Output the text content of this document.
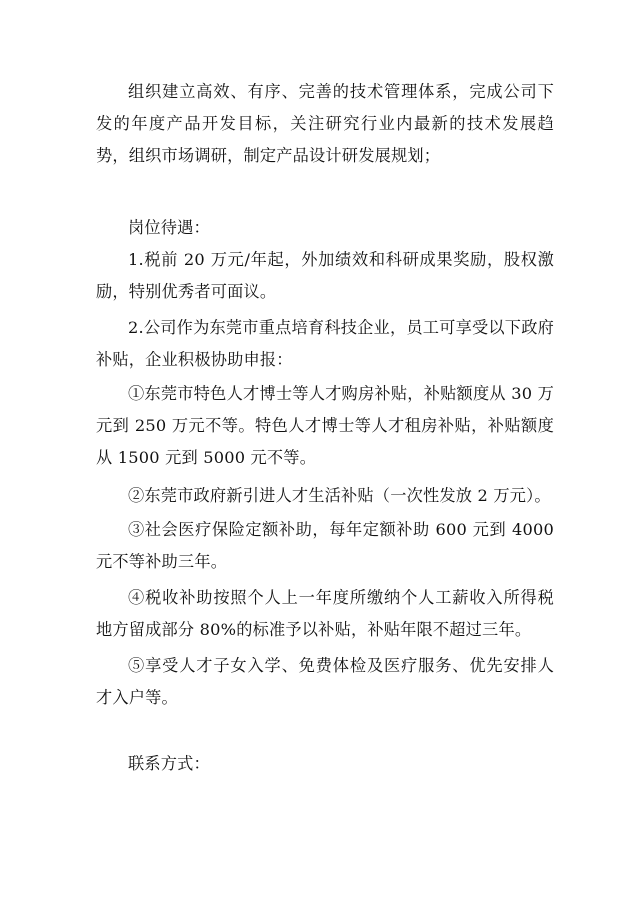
组织建立高效、有序、完善的技术管理体系，完成公司下发的年度产品开发目标，关注研究行业内最新的技术发展趋势，组织市场调研，制定产品设计研发展规划；

岗位待遇：

1.税前 20 万元/年起，外加绩效和科研成果奖励，股权激励，特别优秀者可面议。

2.公司作为东莞市重点培育科技企业，员工可享受以下政府补贴，企业积极协助申报：

①东莞市特色人才博士等人才购房补贴，补贴额度从 30 万元到 250 万元不等。特色人才博士等人才租房补贴，补贴额度从 1500 元到 5000 元不等。

②东莞市政府新引进人才生活补贴（一次性发放 2 万元）。

③社会医疗保险定额补助，每年定额补助 600 元到 4000 元不等补助三年。

④税收补助按照个人上一年度所缴纳个人工薪收入所得税地方留成部分 80%的标准予以补贴，补贴年限不超过三年。

⑤享受人才子女入学、免费体检及医疗服务、优先安排人才入户等。

联系方式：
